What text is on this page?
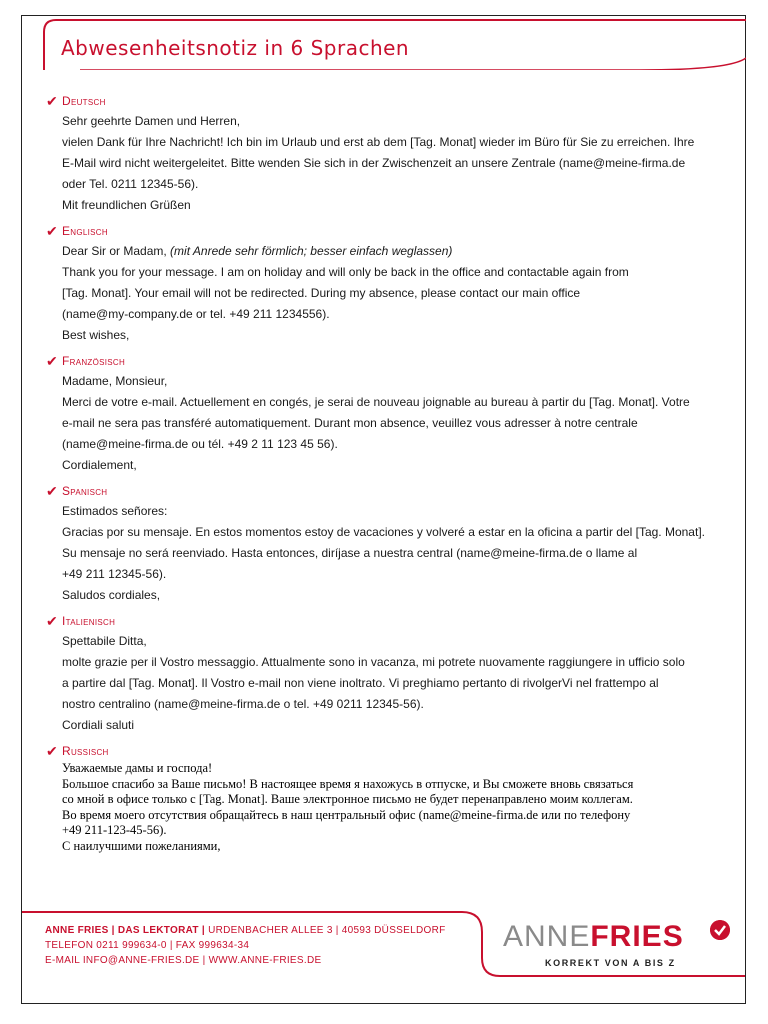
Abwesenheitsnotiz in 6 Sprachen
✔ Deutsch

Sehr geehrte Damen und Herren,

vielen Dank für Ihre Nachricht! Ich bin im Urlaub und erst ab dem [Tag. Monat] wieder im Büro für Sie zu erreichen. Ihre

E-Mail wird nicht weitergeleitet. Bitte wenden Sie sich in der Zwischenzeit an unsere Zentrale (name@meine-firma.de

oder Tel. 0211 12345-56).

Mit freundlichen Grüßen

✔ Englisch

Dear Sir or Madam, (mit Anrede sehr förmlich; besser einfach weglassen)

Thank you for your message. I am on holiday and will only be back in the office and contactable again from

[Tag. Monat]. Your email will not be redirected. During my absence, please contact our main office

(name@my-company.de or tel. +49 211 1234556).

Best wishes,

✔ Französisch

Madame, Monsieur,

Merci de votre e-mail. Actuellement en congés, je serai de nouveau joignable au bureau à partir du [Tag. Monat]. Votre

e-mail ne sera pas transféré automatiquement. Durant mon absence, veuillez vous adresser à notre centrale

(name@meine-firma.de ou tél. +49 2 11 123 45 56).

Cordialement,

✔ Spanisch

Estimados señores:

Gracias por su mensaje. En estos momentos estoy de vacaciones y volveré a estar en la oficina a partir del [Tag. Monat].

Su mensaje no será reenviado. Hasta entonces, diríjase a nuestra central (name@meine-firma.de o llame al

+49 211 12345-56).

Saludos cordiales,

✔ Italienisch

Spettabile Ditta,

molte grazie per il Vostro messaggio. Attualmente sono in vacanza, mi potrete nuovamente raggiungere in ufficio solo

a partire dal [Tag. Monat]. Il Vostro e-mail non viene inoltrato. Vi preghiamo pertanto di rivolgerVi nel frattempo al

nostro centralino (name@meine-firma.de o tel. +49 0211 12345-56).

Cordiali saluti

✔ Russisch

Уважаемые дамы и господа!

Большое спасибо за Ваше письмо! В настоящее время я нахожусь в отпуске, и Вы сможете вновь связаться

со мной в офисе только с [Tag. Monat]. Ваше электронное письмо не будет перенаправлено моим коллегам.

Во время моего отсутствия обращайтесь в наш центральный офис (name@meine-firma.de или по телефону

+49 211-123-45-56).

С наилучшими пожеланиями,

ANNE FRIES | DAS LEKTORAT | URDENBACHER ALLEE 3 | 40593 DÜSSELDORF
TELEFON 0211 999634-0 | FAX 999634-34
E-MAIL INFO@ANNE-FRIES.DE | WWW.ANNE-FRIES.DE
ANNEFRIES
KORREKT VON A BIS Z
